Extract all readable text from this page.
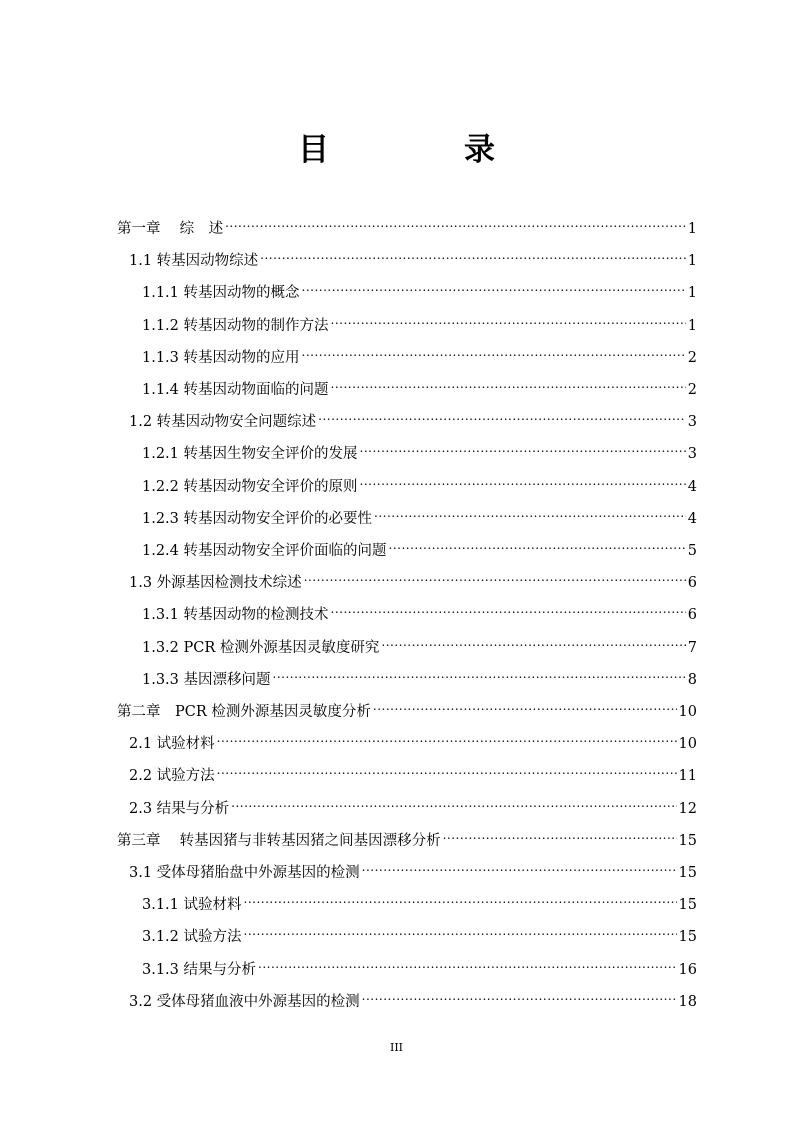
目　录
第一章　 综　述 .....	1
1.1 转基因动物综述 .....	1
1.1.1 转基因动物的概念 .....	1
1.1.2 转基因动物的制作方法 .....	1
1.1.3 转基因动物的应用 .....	2
1.1.4 转基因动物面临的问题 .....	2
1.2 转基因动物安全问题综述 .....	3
1.2.1 转基因生物安全评价的发展 .....	3
1.2.2 转基因动物安全评价的原则 .....	4
1.2.3 转基因动物安全评价的必要性 .....	4
1.2.4 转基因动物安全评价面临的问题 .....	5
1.3 外源基因检测技术综述 .....	6
1.3.1 转基因动物的检测技术 .....	6
1.3.2 PCR 检测外源基因灵敏度研究 .....	7
1.3.3 基因漂移问题 .....	8
第二章　PCR 检测外源基因灵敏度分析 .....	10
2.1 试验材料 .....	10
2.2 试验方法 .....	11
2.3 结果与分析 .....	12
第三章　 转基因猪与非转基因猪之间基因漂移分析 .....	15
3.1 受体母猪胎盘中外源基因的检测 .....	15
3.1.1 试验材料 .....	15
3.1.2 试验方法 .....	15
3.1.3 结果与分析 .....	16
3.2 受体母猪血液中外源基因的检测 .....	18
III
